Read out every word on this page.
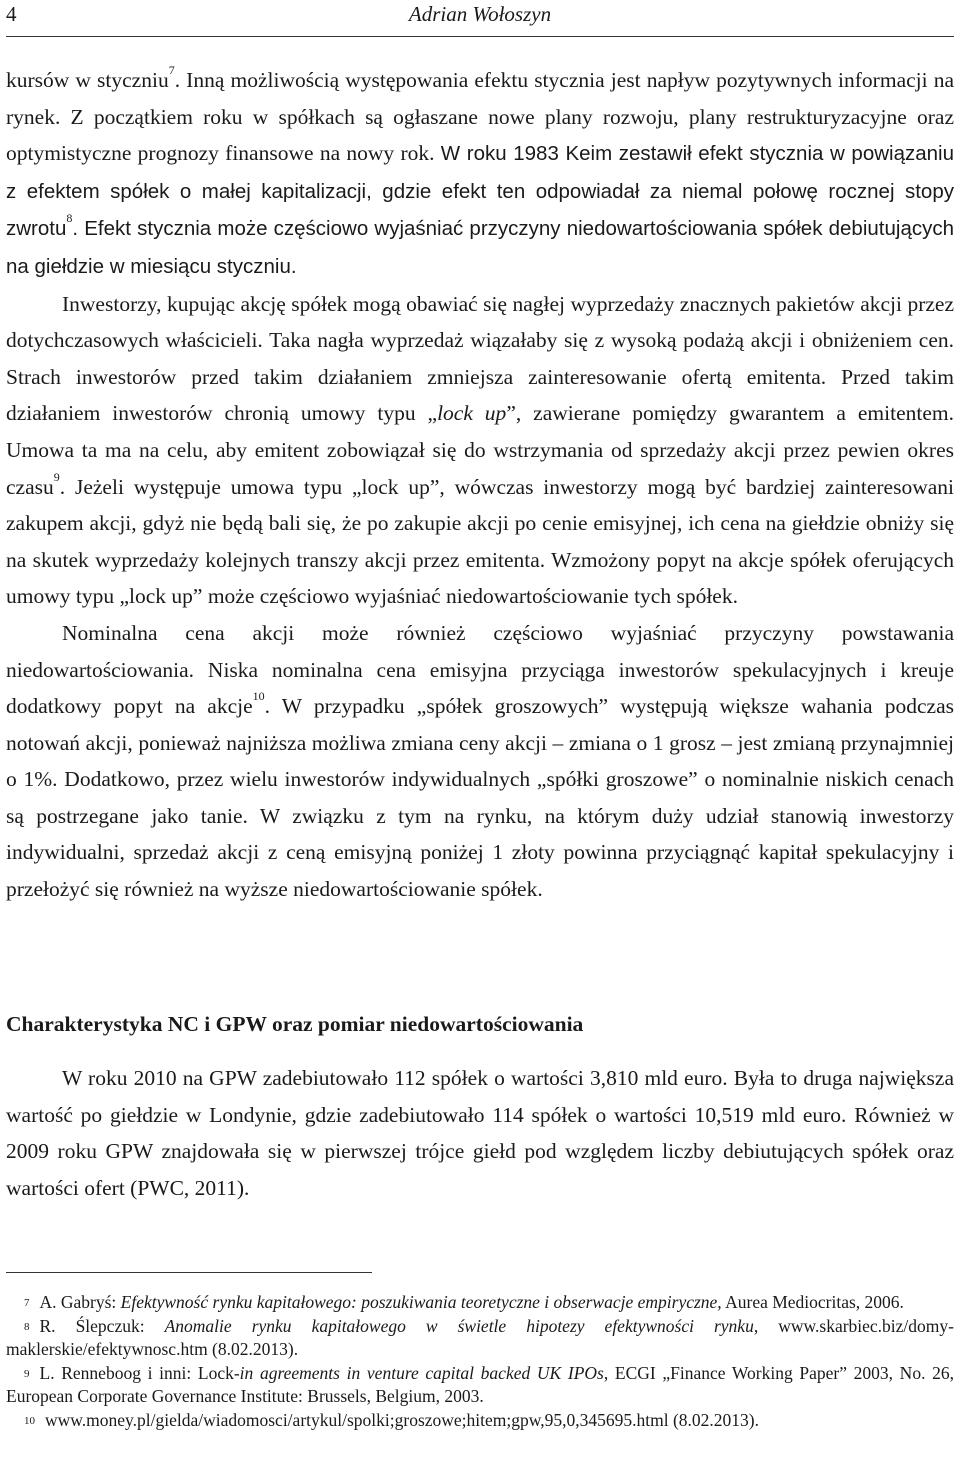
4	Adrian Wołoszyn

kursów w styczniu$^7$. Inną możliwością występowania efektu stycznia jest napływ pozytywnych informacji na rynek. Z początkiem roku w spółkach są ogłaszane nowe plany rozwoju, plany restrukturyzacyjne oraz optymistyczne prognozy finansowe na nowy rok. W roku 1983 Keim zestawił efekt stycznia w powiązaniu z efektem spółek o małej kapitalizacji, gdzie efekt ten odpowiadał za niemal połowę rocznej stopy zwrotu$^8$. Efekt stycznia może częściowo wyjaśniać przyczyny niedowartościowania spółek debiutujących na giełdzie w miesiącu styczniu.

Inwestorzy, kupując akcję spółek mogą obawiać się nagłej wyprzedaży znacznych pakietów akcji przez dotychczasowych właścicieli. Taka nagła wyprzedaż wiązałaby się z wysoką podażą akcji i obniżeniem cen. Strach inwestorów przed takim działaniem zmniejsza zainteresowanie ofertą emitenta. Przed takim działaniem inwestorów chronią umowy typu „lock up”, zawierane pomiędzy gwarantem a emitentem. Umowa ta ma na celu, aby emitent zobowiązał się do wstrzymania od sprzedaży akcji przez pewien okres czasu$^9$. Jeżeli występuje umowa typu „lock up”, wówczas inwestorzy mogą być bardziej zainteresowani zakupem akcji, gdyż nie będą bali się, że po zakupie akcji po cenie emisyjnej, ich cena na giełdzie obniży się na skutek wyprzedaży kolejnych transzy akcji przez emitenta. Wzmożony popyt na akcje spółek oferujących umowy typu „lock up” może częściowo wyjaśniać niedowartościowanie tych spółek.

Nominalna cena akcji może również częściowo wyjaśniać przyczyny powstawania niedowartościowania. Niska nominalna cena emisyjna przyciąga inwestorów spekulacyjnych i kreuje dodatkowy popyt na akcje$^{10}$. W przypadku „spółek groszowych” występują większe wahania podczas notowań akcji, ponieważ najniższa możliwa zmiana ceny akcji – zmiana o 1 grosz – jest zmianą przynajmniej o 1%. Dodatkowo, przez wielu inwestorów indywidualnych „spółki groszowe” o nominalnie niskich cenach są postrzegane jako tanie. W związku z tym na rynku, na którym duży udział stanowią inwestorzy indywidualni, sprzedaż akcji z ceną emisyjną poniżej 1 złoty powinna przyciągnąć kapitał spekulacyjny i przełożyć się również na wyższe niedowartościowanie spółek.

Charakterystyka NC i GPW oraz pomiar niedowartościowania

W roku 2010 na GPW zadebiutowało 112 spółek o wartości 3,810 mld euro. Była to druga największa wartość po giełdzie w Londynie, gdzie zadebiutowało 114 spółek o wartości 10,519 mld euro. Również w 2009 roku GPW znajdowała się w pierwszej trójce giełd pod względem liczby debiutujących spółek oraz wartości ofert (PWC, 2011).

$^7$ A. Gabryś: Efektywność rynku kapitałowego: poszukiwania teoretyczne i obserwacje empiryczne, Aurea Mediocritas, 2006.

$^8$ R. Ślepczuk: Anomalie rynku kapitałowego w świetle hipotezy efektywności rynku, www.skarbiec.biz/domy-maklerskie/efektywnosc.htm (8.02.2013).

$^9$ L. Renneboog i inni: Lock-in agreements in venture capital backed UK IPOs, ECGI „Finance Working Paper” 2003, No. 26, European Corporate Governance Institute: Brussels, Belgium, 2003.

$^{10}$ www.money.pl/gielda/wiadomosci/artykul/spolki;groszowe;hitem;gpw,95,0,345695.html (8.02.2013).
